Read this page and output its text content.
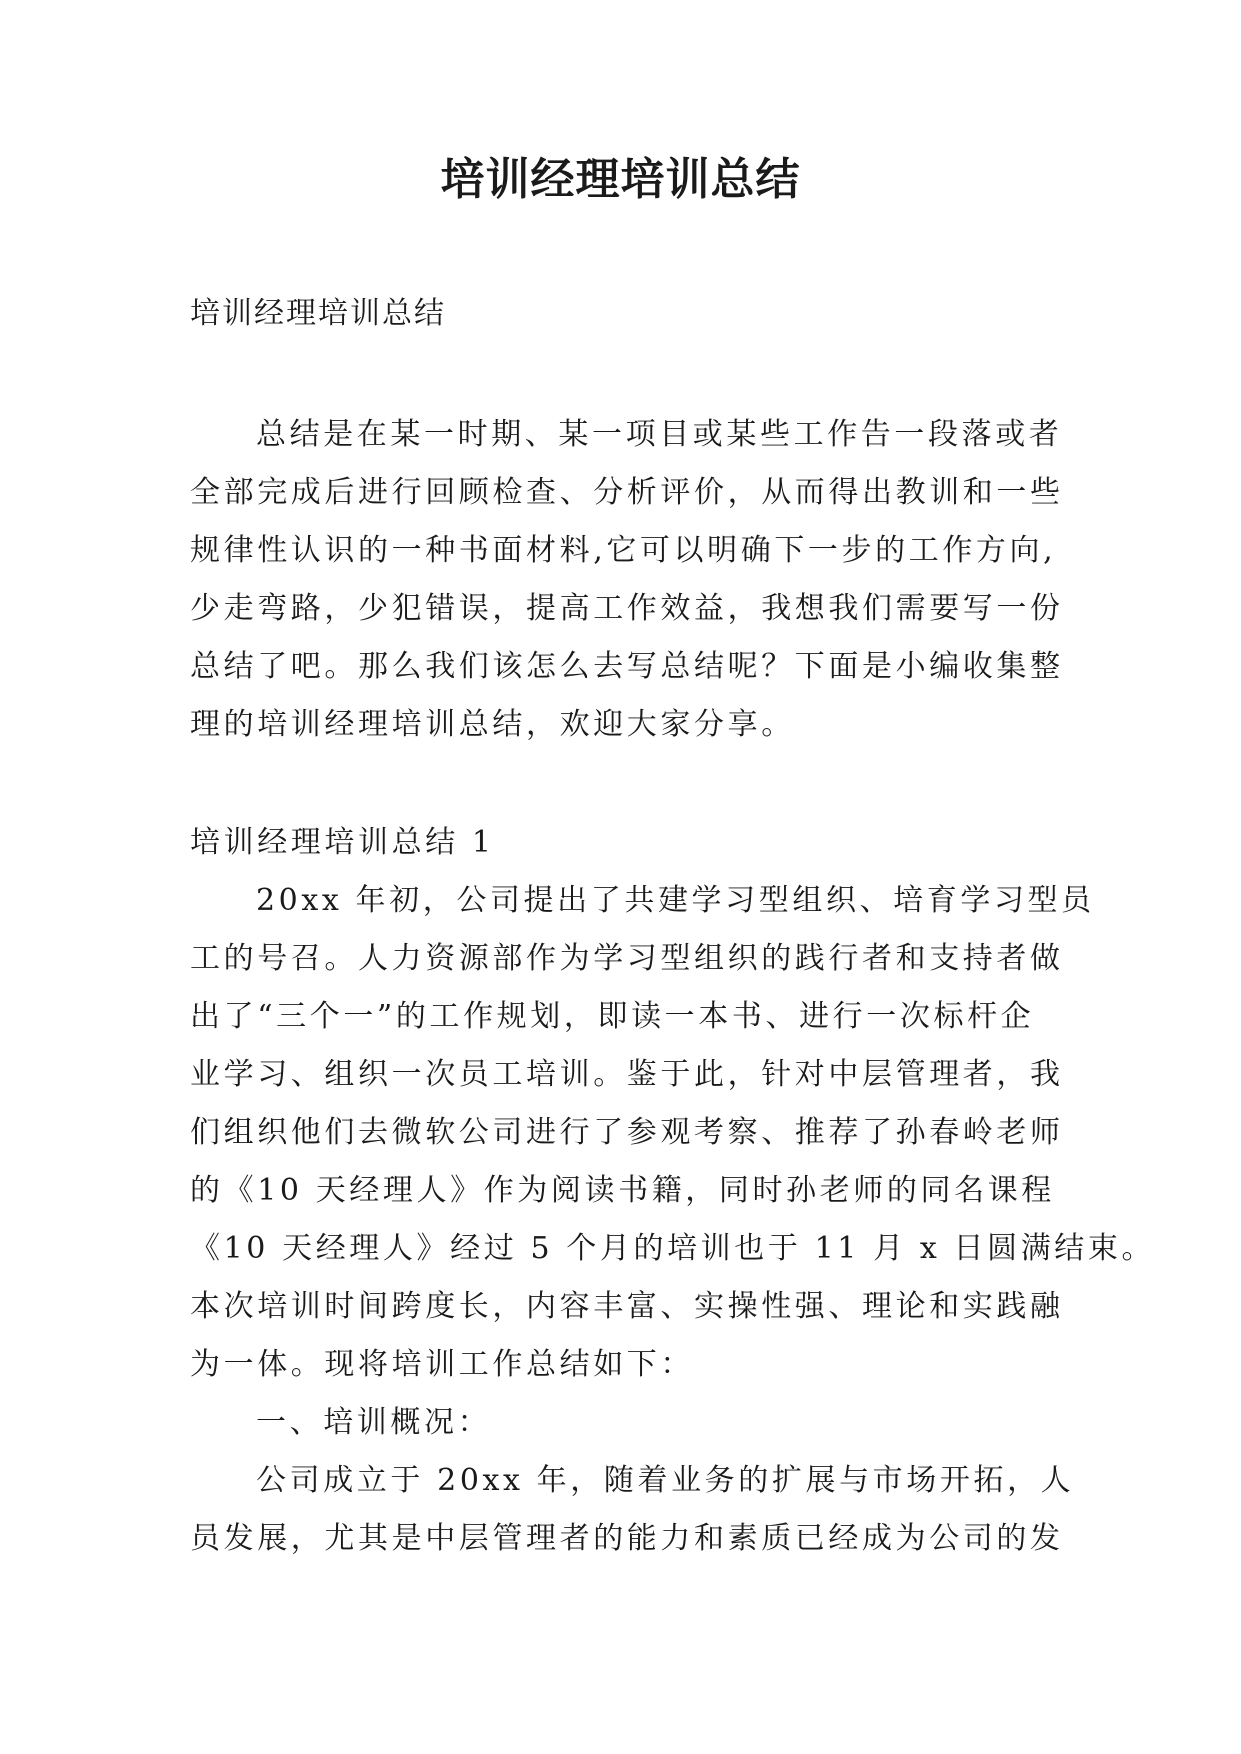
培训经理培训总结
培训经理培训总结
总结是在某一时期、某一项目或某些工作告一段落或者
全部完成后进行回顾检查、分析评价，从而得出教训和一些
规律性认识的一种书面材料,它可以明确下一步的工作方向,
少走弯路，少犯错误，提高工作效益，我想我们需要写一份
总结了吧。那么我们该怎么去写总结呢？下面是小编收集整
理的培训经理培训总结，欢迎大家分享。
培训经理培训总结 1
20xx 年初，公司提出了共建学习型组织、培育学习型员
工的号召。人力资源部作为学习型组织的践行者和支持者做
出了“三个一”的工作规划，即读一本书、进行一次标杆企
业学习、组织一次员工培训。鉴于此，针对中层管理者，我
们组织他们去微软公司进行了参观考察、推荐了孙春岭老师
的《10 天经理人》作为阅读书籍，同时孙老师的同名课程
《10 天经理人》经过 5 个月的培训也于 11 月 x 日圆满结束。
本次培训时间跨度长，内容丰富、实操性强、理论和实践融
为一体。现将培训工作总结如下：
一、培训概况：
公司成立于 20xx 年，随着业务的扩展与市场开拓，人
员发展，尤其是中层管理者的能力和素质已经成为公司的发
